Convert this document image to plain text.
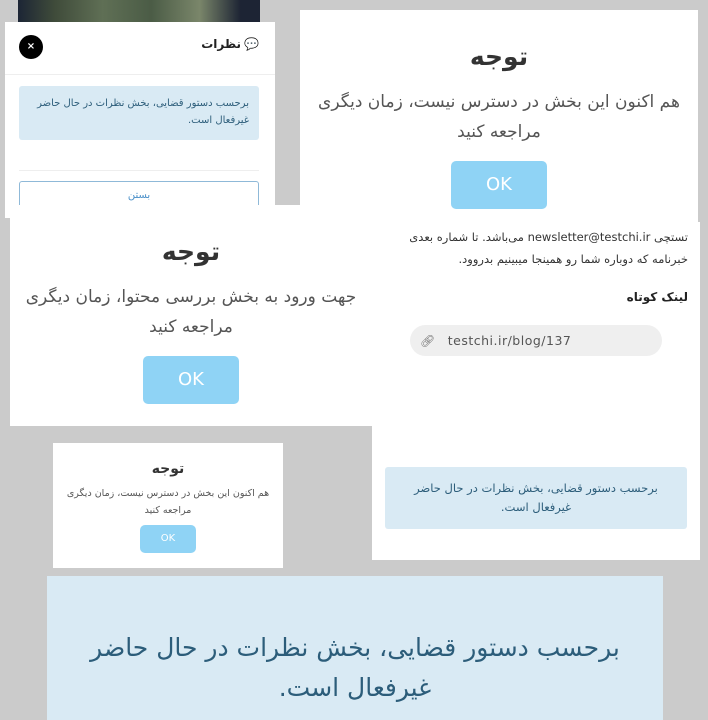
💬نظرات
×
برحسب دستور قضایی، بخش نظرات در حال حاضر غیرفعال است.
بستن
توجه
هم اکنون این بخش در دسترس نیست، زمان دیگری مراجعه کنید
OK
تستچی newsletter@testchi.ir می‌باشد. تا شماره بعدی خبرنامه که دوباره شما رو همینجا میبینیم بدروود.
لینک کوتاه
🔗︎ testchi.ir/blog/137
برحسب دستور قضایی، بخش نظرات در حال حاضر غیرفعال است.
توجه
جهت ورود به بخش بررسی محتوا، زمان دیگری مراجعه کنید
OK
توجه
هم اکنون این بخش در دسترس نیست، زمان دیگری مراجعه کنید
OK
برحسب دستور قضایی، بخش نظرات در حال حاضر غیرفعال است.
